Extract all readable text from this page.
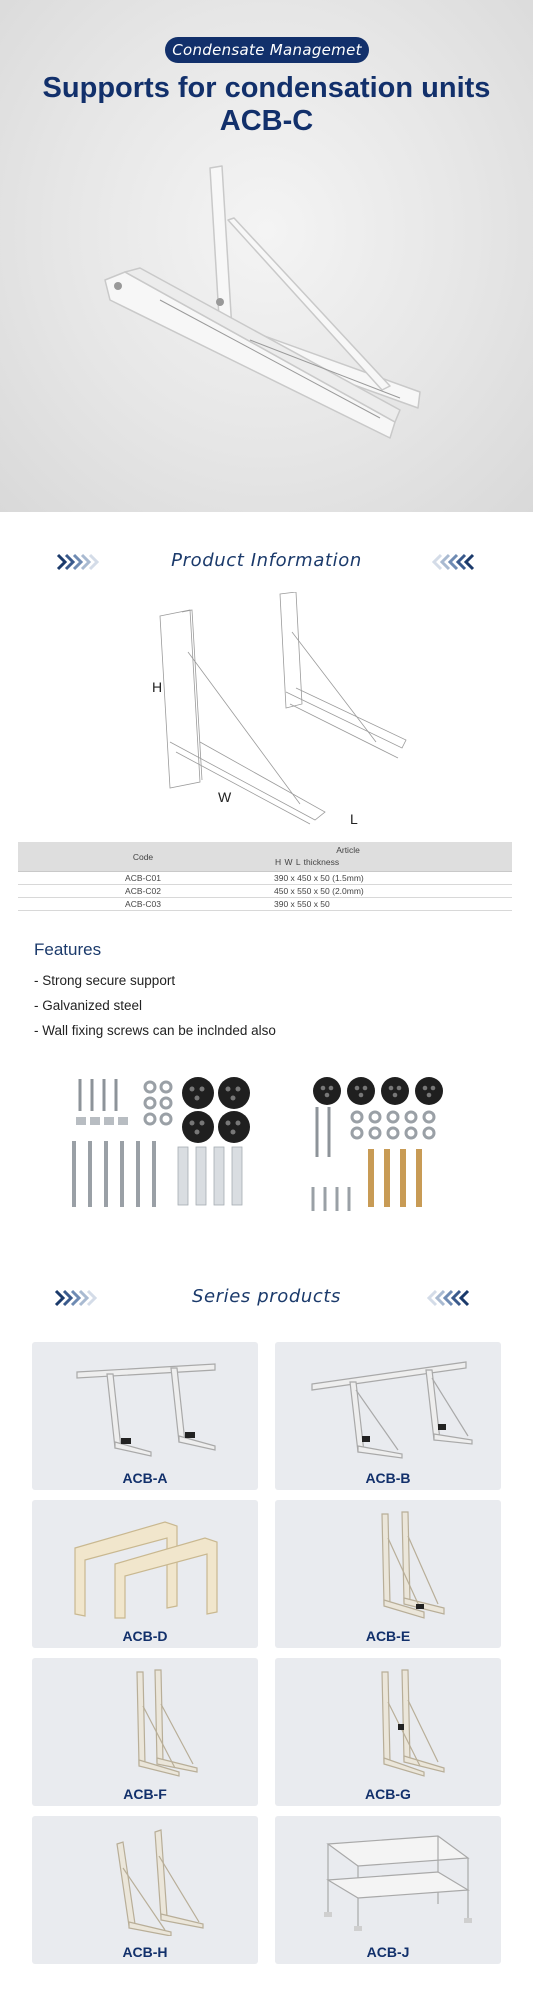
Condensate Managemet
Supports for condensation units
ACB-C
Product Information
H
W
L
Code
Article
H W L thickness
ACB-C01	390 x 450 x 50 (1.5mm)
ACB-C02	450 x 550 x 50 (2.0mm)
ACB-C03	390 x 550 x 50
Features
- Strong secure support
- Galvanized steel
- Wall fixing screws can be inclnded also
Series products
ACB-A	ACB-B
ACB-D	ACB-E
ACB-F	ACB-G
ACB-H	ACB-J
